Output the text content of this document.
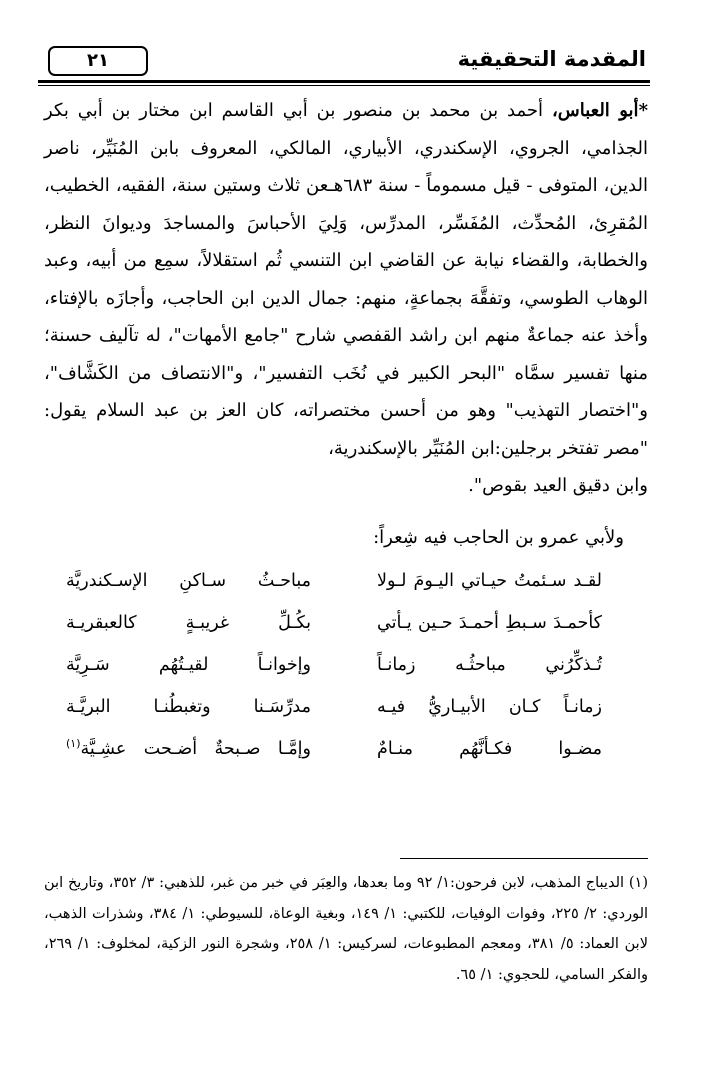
المقدمة التحقيقية
٢١

*أبو العباس، أحمد بن محمد بن منصور بن أبي القاسم ابن مختار بن أبي بكر الجذامي، الجروي، الإسكندري، الأبياري، المالكي، المعروف بابن المُنَيِّر، ناصر الدين، المتوفى - قيل مسموماً - سنة ٦٨٣هـعن ثلاث وستين سنة، الفقيه، الخطيب، المُقرِئ، المُحدِّث، المُفَسِّر، المدرِّس، وَلِيَ الأحباسَ والمساجدَ وديوانَ النظر، والخطابة، والقضاء نيابة عن القاضي ابن التنسي ثُم استقلالاً، سمِع من أبيه، وعبد الوهاب الطوسي، وتفقَّهَ بجماعةٍ، منهم: جمال الدين ابن الحاجب، وأجازَه بالإفتاء، وأخذ عنه جماعةٌ منهم ابن راشد القفصي شارح "جامع الأمهات"، له تآليف حسنة؛ منها تفسير سمَّاه "البحر الكبير في نُخَب التفسير"، و"الانتصاف من الكَشَّاف"، و"اختصار التهذيب" وهو من أحسن مختصراته، كان العز بن عبد السلام يقول: "مصر تفتخر برجلين:ابن المُنَيِّر بالإسكندرية،

وابن دقيق العيد بقوص".

ولأبي عمرو بن الحاجب فيه شِعراً:
لقـد سـئمتُ حيـاتي اليـومَ لـولا
مباحـثُ سـاكنِ الإسـكندريَّة
كأحمـدَ سـبطِ أحمـدَ حـين يـأتي
بكُـلِّ غريبـةٍ كالعبقريـة
تُـذكِّرُني مباحثُـه زمانـاً
وإخوانـاً لقيـتُهُم سَـرِيَّة
زمانـاً كـان الأبيـاريُّ فيـه
مدرِّسَـنا وتغبطُنـا البريَّـة
مضـوا فكـأنَّهُم منـامٌ
وإمَّـا صـبحةٌ أضـحت عشِـيَّة$^{(١)}$

(١) الديباج المذهب، لابن فرحون:١/ ٩٢ وما بعدها، والعِبَر في خبر من غبر، للذهبي: ٣/ ٣٥٢، وتاريخ ابن الوردي: ٢/ ٢٢٥، وفوات الوفيات، للكتبي: ١/ ١٤٩، وبغية الوعاة، للسيوطي: ١/ ٣٨٤، وشذرات الذهب، لابن العماد: ٥/ ٣٨١، ومعجم المطبوعات، لسركيس: ١/ ٢٥٨، وشجرة النور الزكية، لمخلوف: ١/ ٢٦٩، والفكر السامي، للحجوي: ١/ ٦٥.
